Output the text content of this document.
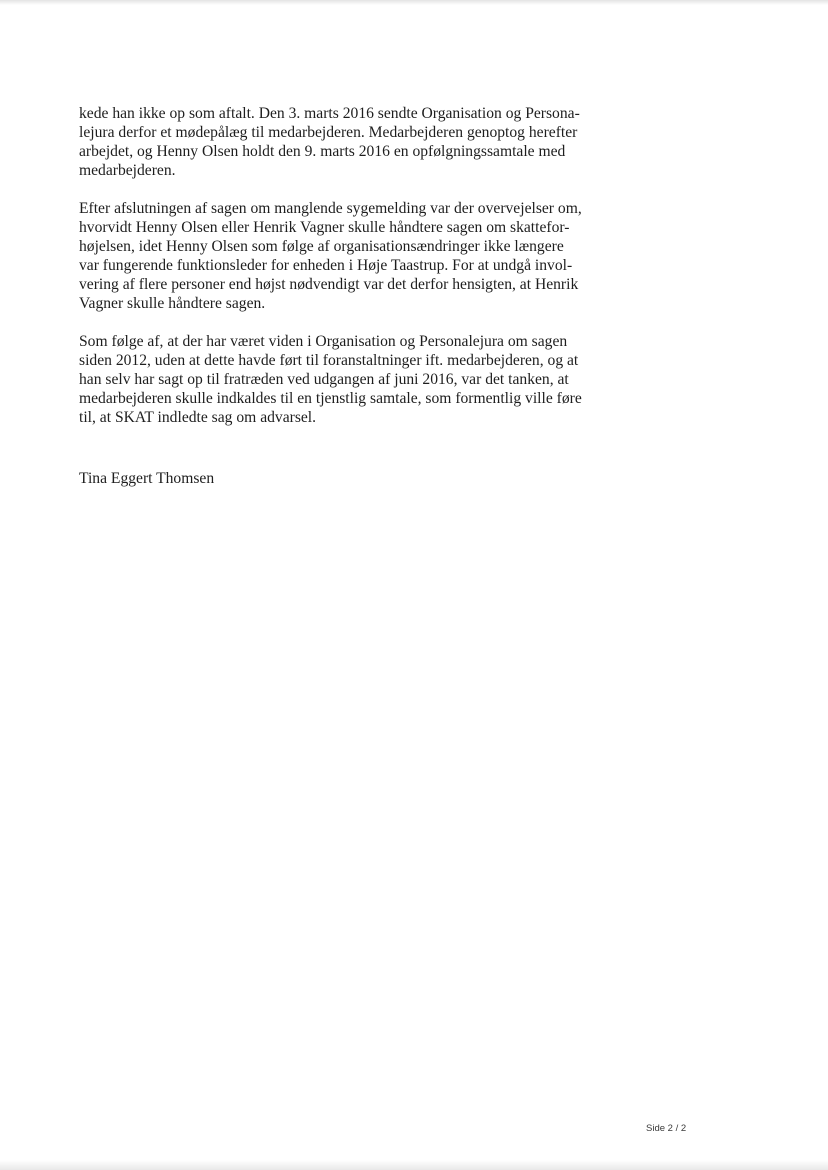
kede han ikke op som aftalt. Den 3. marts 2016 sendte Organisation og Persona-
lejura derfor et mødepålæg til medarbejderen. Medarbejderen genoptog herefter
arbejdet, og Henny Olsen holdt den 9. marts 2016 en opfølgningssamtale med
medarbejderen.

Efter afslutningen af sagen om manglende sygemelding var der overvejelser om,
hvorvidt Henny Olsen eller Henrik Vagner skulle håndtere sagen om skattefor-
højelsen, idet Henny Olsen som følge af organisationsændringer ikke længere
var fungerende funktionsleder for enheden i Høje Taastrup. For at undgå invol-
vering af flere personer end højst nødvendigt var det derfor hensigten, at Henrik
Vagner skulle håndtere sagen.

Som følge af, at der har været viden i Organisation og Personalejura om sagen
siden 2012, uden at dette havde ført til foranstaltninger ift. medarbejderen, og at
han selv har sagt op til fratræden ved udgangen af juni 2016, var det tanken, at
medarbejderen skulle indkaldes til en tjenstlig samtale, som formentlig ville føre
til, at SKAT indledte sag om advarsel.

Tina Eggert Thomsen
Side 2 / 2
